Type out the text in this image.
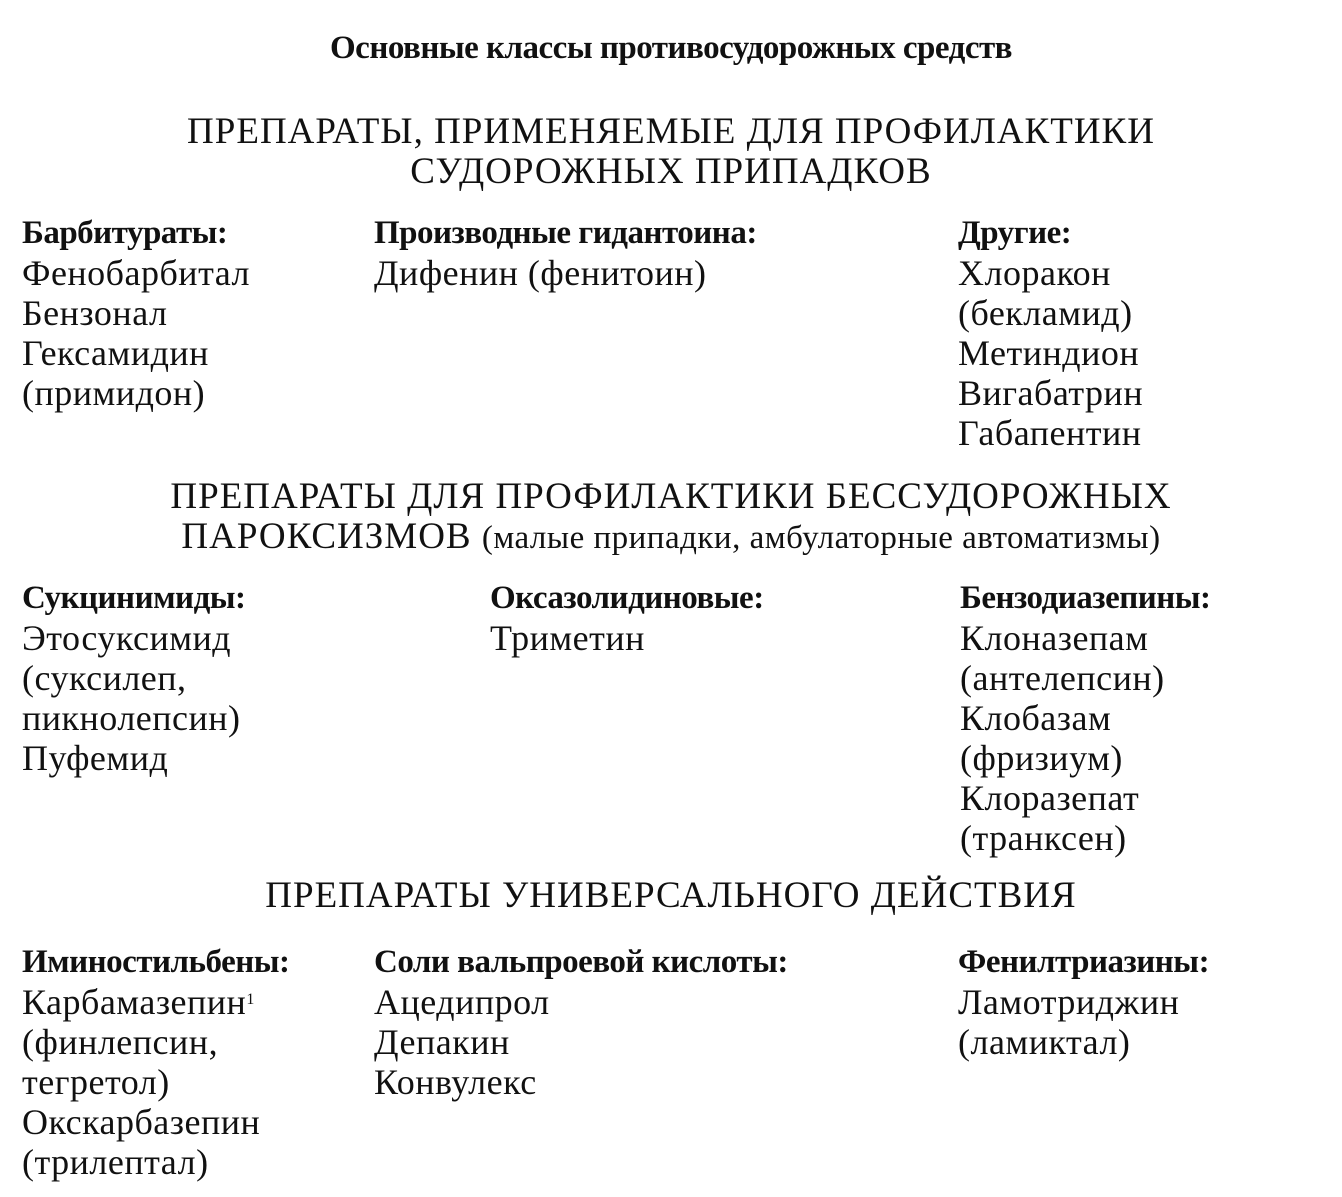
Основные классы противосудорожных средств
ПРЕПАРАТЫ, ПРИМЕНЯЕМЫЕ ДЛЯ ПРОФИЛАКТИКИ
СУДОРОЖНЫХ ПРИПАДКОВ
Барбитураты:
Фенобарбитал
Бензонал
Гексамидин
(примидон)
Производные гидантоина:
Дифенин (фенитоин)
Другие:
Хлоракон
(бекламид)
Метиндион
Вигабатрин
Габапентин
ПРЕПАРАТЫ ДЛЯ ПРОФИЛАКТИКИ БЕССУДОРОЖНЫХ
ПАРОКСИЗМОВ (малые припадки, амбулаторные автоматизмы)
Сукцинимиды:
Этосуксимид
(суксилеп,
пикнолепсин)
Пуфемид
Оксазолидиновые:
Триметин
Бензодиазепины:
Клоназепам
(антелепсин)
Клобазам
(фризиум)
Клоразепат
(транксен)
ПРЕПАРАТЫ УНИВЕРСАЛЬНОГО ДЕЙСТВИЯ
Иминостильбены:
Карбамазепин$^1$
(финлепсин,
тегретол)
Окскарбазепин
(трилептал)
Соли вальпроевой кислоты:
Ацедипрол
Депакин
Конвулекс
Фенилтриазины:
Ламотриджин
(ламиктал)
